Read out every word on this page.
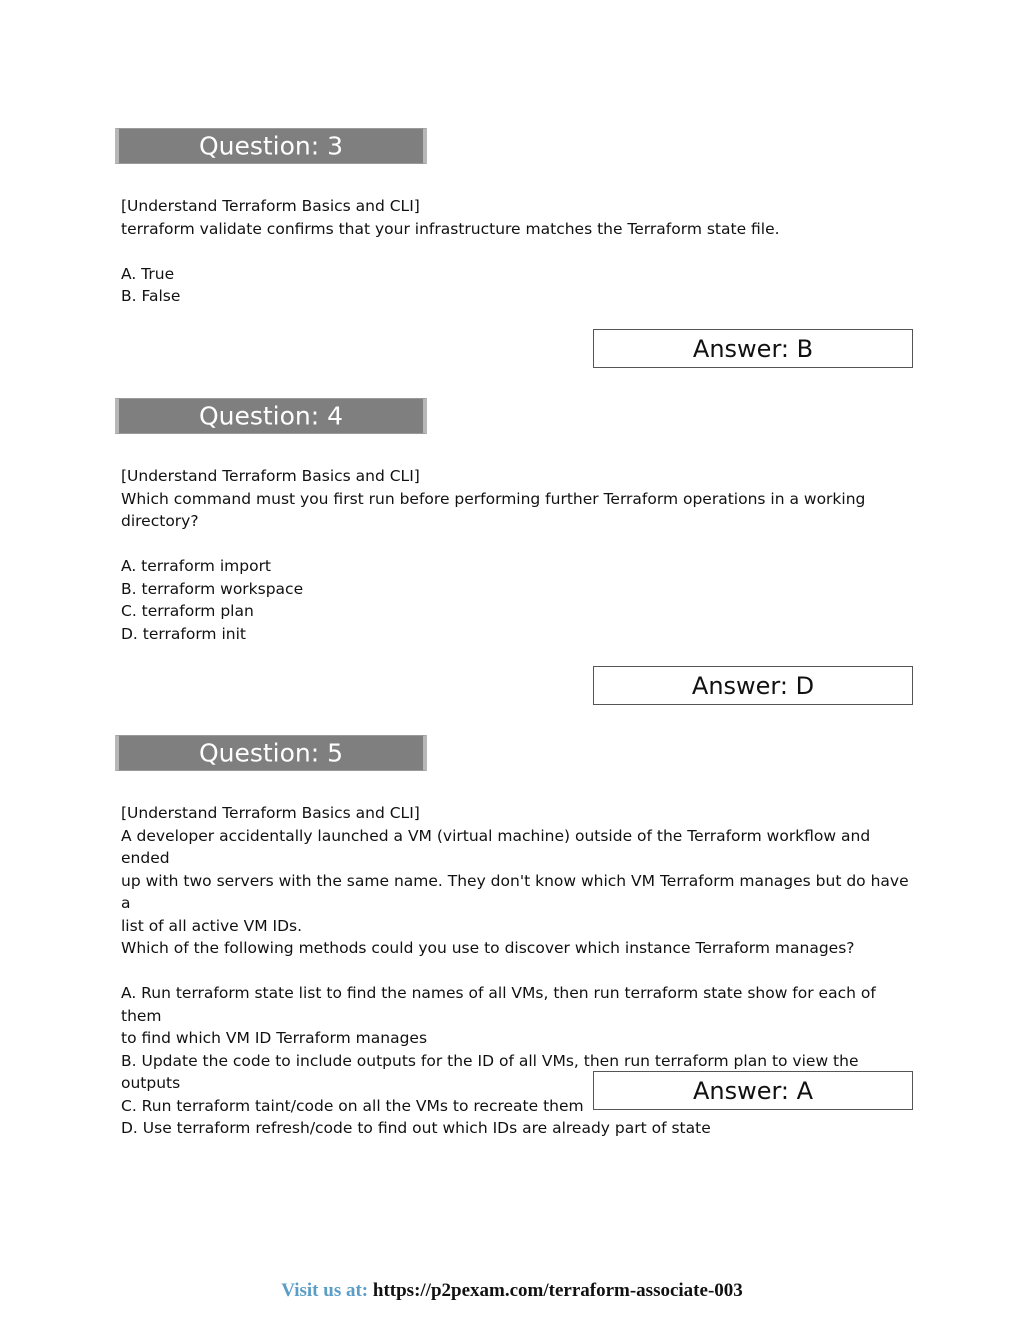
Question: 3
[Understand Terraform Basics and CLI]
terraform validate confirms that your infrastructure matches the Terraform state file.
A. True
B. False
Answer: B
Question: 4
[Understand Terraform Basics and CLI]
Which command must you first run before performing further Terraform operations in a working
directory?
A. terraform import
B. terraform workspace
C. terraform plan
D. terraform init
Answer: D
Question: 5
[Understand Terraform Basics and CLI]
A developer accidentally launched a VM (virtual machine) outside of the Terraform workflow and ended
up with two servers with the same name. They don't know which VM Terraform manages but do have a
list of all active VM IDs.
Which of the following methods could you use to discover which instance Terraform manages?
A. Run terraform state list to find the names of all VMs, then run terraform state show for each of them
to find which VM ID Terraform manages
B. Update the code to include outputs for the ID of all VMs, then run terraform plan to view the outputs
C. Run terraform taint/code on all the VMs to recreate them
D. Use terraform refresh/code to find out which IDs are already part of state
Answer: A
Visit us at: https://p2pexam.com/terraform-associate-003
